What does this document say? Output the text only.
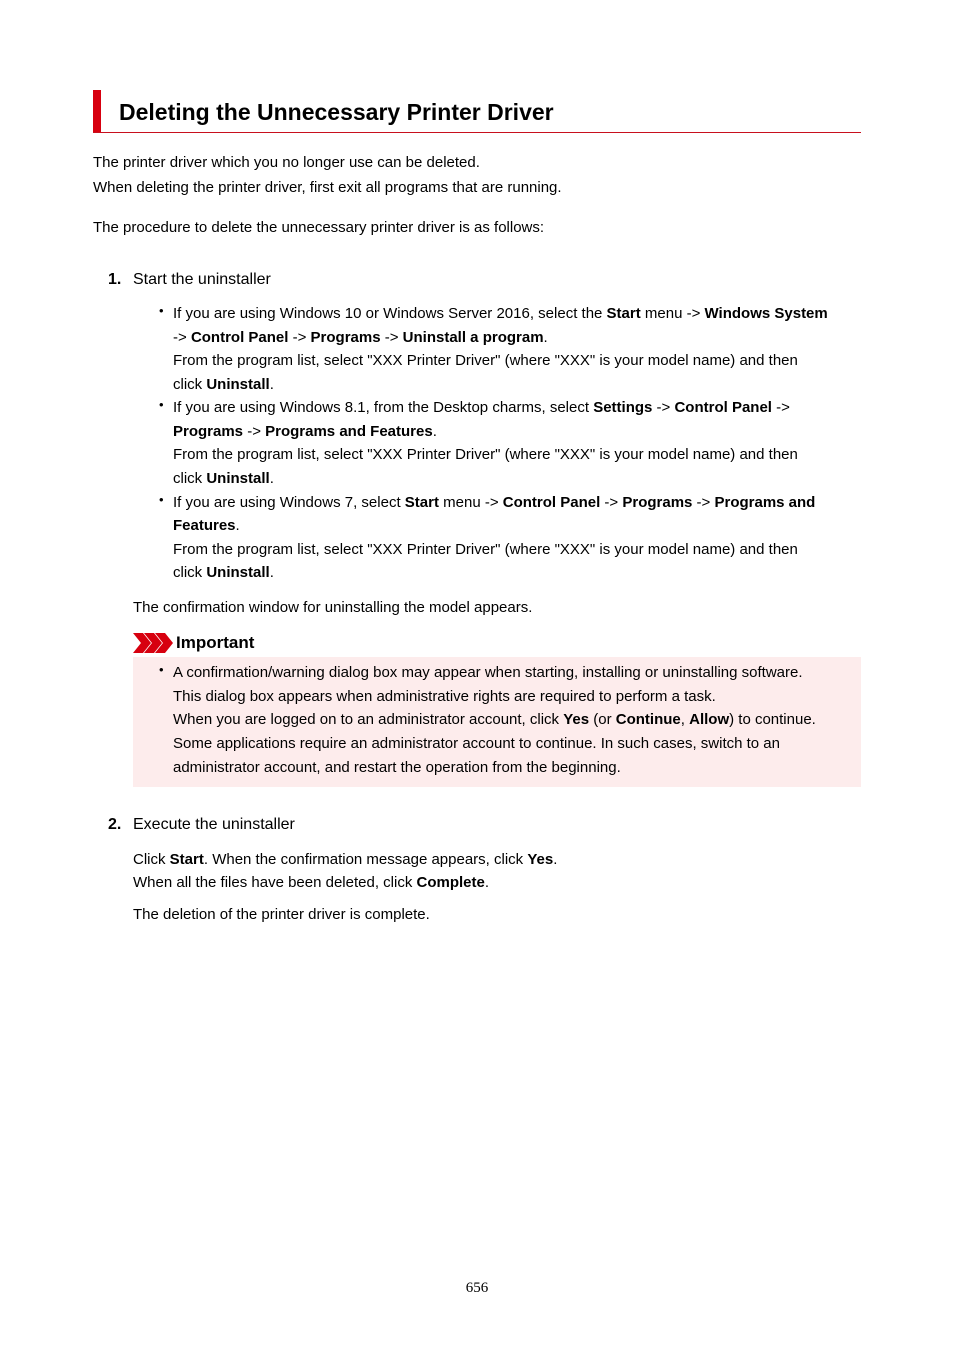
Deleting the Unnecessary Printer Driver

The printer driver which you no longer use can be deleted.

When deleting the printer driver, first exit all programs that are running.

The procedure to delete the unnecessary printer driver is as follows:

1. Start the uninstaller
• If you are using Windows 10 or Windows Server 2016, select the Start menu -> Windows System

-> Control Panel -> Programs -> Uninstall a program.

From the program list, select "XXX Printer Driver" (where "XXX" is your model name) and then

click Uninstall.

• If you are using Windows 8.1, from the Desktop charms, select Settings -> Control Panel ->

Programs -> Programs and Features.

From the program list, select "XXX Printer Driver" (where "XXX" is your model name) and then

click Uninstall.

• If you are using Windows 7, select Start menu -> Control Panel -> Programs -> Programs and

Features.

From the program list, select "XXX Printer Driver" (where "XXX" is your model name) and then

click Uninstall.

The confirmation window for uninstalling the model appears.

Important
• A confirmation/warning dialog box may appear when starting, installing or uninstalling software.

This dialog box appears when administrative rights are required to perform a task.

When you are logged on to an administrator account, click Yes (or Continue, Allow) to continue.

Some applications require an administrator account to continue. In such cases, switch to an

administrator account, and restart the operation from the beginning.

2. Execute the uninstaller

Click Start. When the confirmation message appears, click Yes.

When all the files have been deleted, click Complete.

The deletion of the printer driver is complete.

656
